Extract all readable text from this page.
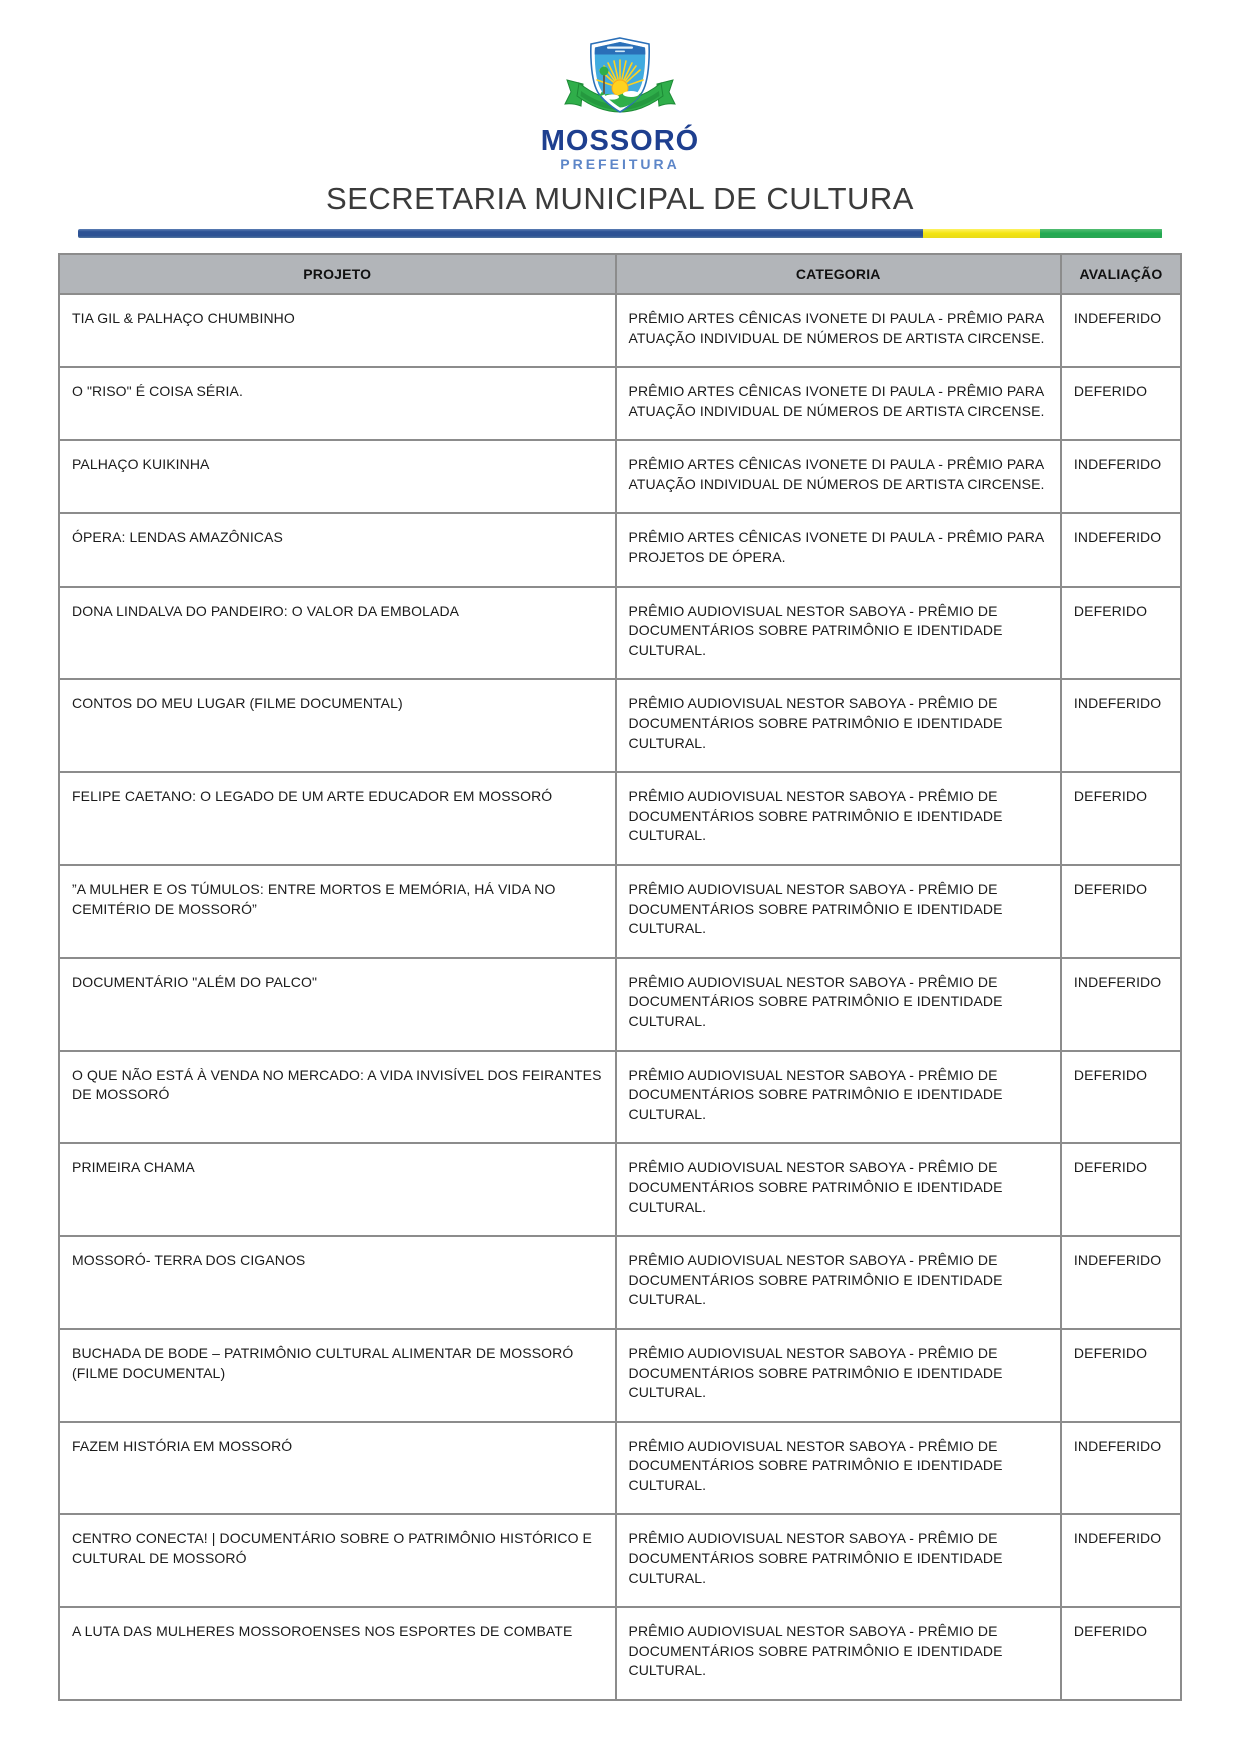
MOSSORÓ
PREFEITURA
SECRETARIA MUNICIPAL DE CULTURA
PROJETO	CATEGORIA	AVALIAÇÃO
TIA GIL & PALHAÇO CHUMBINHO	PRÊMIO ARTES CÊNICAS IVONETE DI PAULA - PRÊMIO PARA ATUAÇÃO INDIVIDUAL DE NÚMEROS DE ARTISTA CIRCENSE.	INDEFERIDO
O "RISO" É COISA SÉRIA.	PRÊMIO ARTES CÊNICAS IVONETE DI PAULA - PRÊMIO PARA ATUAÇÃO INDIVIDUAL DE NÚMEROS DE ARTISTA CIRCENSE.	DEFERIDO
PALHAÇO KUIKINHA	PRÊMIO ARTES CÊNICAS IVONETE DI PAULA - PRÊMIO PARA ATUAÇÃO INDIVIDUAL DE NÚMEROS DE ARTISTA CIRCENSE.	INDEFERIDO
ÓPERA: LENDAS AMAZÔNICAS	PRÊMIO ARTES CÊNICAS IVONETE DI PAULA - PRÊMIO PARA PROJETOS DE ÓPERA.	INDEFERIDO
DONA LINDALVA DO PANDEIRO: O VALOR DA EMBOLADA	PRÊMIO AUDIOVISUAL NESTOR SABOYA - PRÊMIO DE DOCUMENTÁRIOS SOBRE PATRIMÔNIO E IDENTIDADE CULTURAL.	DEFERIDO
CONTOS DO MEU LUGAR (FILME DOCUMENTAL)	PRÊMIO AUDIOVISUAL NESTOR SABOYA - PRÊMIO DE DOCUMENTÁRIOS SOBRE PATRIMÔNIO E IDENTIDADE CULTURAL.	INDEFERIDO
FELIPE CAETANO: O LEGADO DE UM ARTE EDUCADOR EM MOSSORÓ	PRÊMIO AUDIOVISUAL NESTOR SABOYA - PRÊMIO DE DOCUMENTÁRIOS SOBRE PATRIMÔNIO E IDENTIDADE CULTURAL.	DEFERIDO
”A MULHER E OS TÚMULOS: ENTRE MORTOS E MEMÓRIA, HÁ VIDA NO CEMITÉRIO DE MOSSORÓ”	PRÊMIO AUDIOVISUAL NESTOR SABOYA - PRÊMIO DE DOCUMENTÁRIOS SOBRE PATRIMÔNIO E IDENTIDADE CULTURAL.	DEFERIDO
DOCUMENTÁRIO "ALÉM DO PALCO"	PRÊMIO AUDIOVISUAL NESTOR SABOYA - PRÊMIO DE DOCUMENTÁRIOS SOBRE PATRIMÔNIO E IDENTIDADE CULTURAL.	INDEFERIDO
O QUE NÃO ESTÁ À VENDA NO MERCADO: A VIDA INVISÍVEL DOS FEIRANTES DE MOSSORÓ	PRÊMIO AUDIOVISUAL NESTOR SABOYA - PRÊMIO DE DOCUMENTÁRIOS SOBRE PATRIMÔNIO E IDENTIDADE CULTURAL.	DEFERIDO
PRIMEIRA CHAMA	PRÊMIO AUDIOVISUAL NESTOR SABOYA - PRÊMIO DE DOCUMENTÁRIOS SOBRE PATRIMÔNIO E IDENTIDADE CULTURAL.	DEFERIDO
MOSSORÓ- TERRA DOS CIGANOS	PRÊMIO AUDIOVISUAL NESTOR SABOYA - PRÊMIO DE DOCUMENTÁRIOS SOBRE PATRIMÔNIO E IDENTIDADE CULTURAL.	INDEFERIDO
BUCHADA DE BODE – PATRIMÔNIO CULTURAL ALIMENTAR DE MOSSORÓ (FILME DOCUMENTAL)	PRÊMIO AUDIOVISUAL NESTOR SABOYA - PRÊMIO DE DOCUMENTÁRIOS SOBRE PATRIMÔNIO E IDENTIDADE CULTURAL.	DEFERIDO
FAZEM HISTÓRIA EM MOSSORÓ	PRÊMIO AUDIOVISUAL NESTOR SABOYA - PRÊMIO DE DOCUMENTÁRIOS SOBRE PATRIMÔNIO E IDENTIDADE CULTURAL.	INDEFERIDO
CENTRO CONECTA! | DOCUMENTÁRIO SOBRE O PATRIMÔNIO HISTÓRICO E CULTURAL DE MOSSORÓ	PRÊMIO AUDIOVISUAL NESTOR SABOYA - PRÊMIO DE DOCUMENTÁRIOS SOBRE PATRIMÔNIO E IDENTIDADE CULTURAL.	INDEFERIDO
A LUTA DAS MULHERES MOSSOROENSES NOS ESPORTES DE COMBATE	PRÊMIO AUDIOVISUAL NESTOR SABOYA - PRÊMIO DE DOCUMENTÁRIOS SOBRE PATRIMÔNIO E IDENTIDADE CULTURAL.	DEFERIDO
